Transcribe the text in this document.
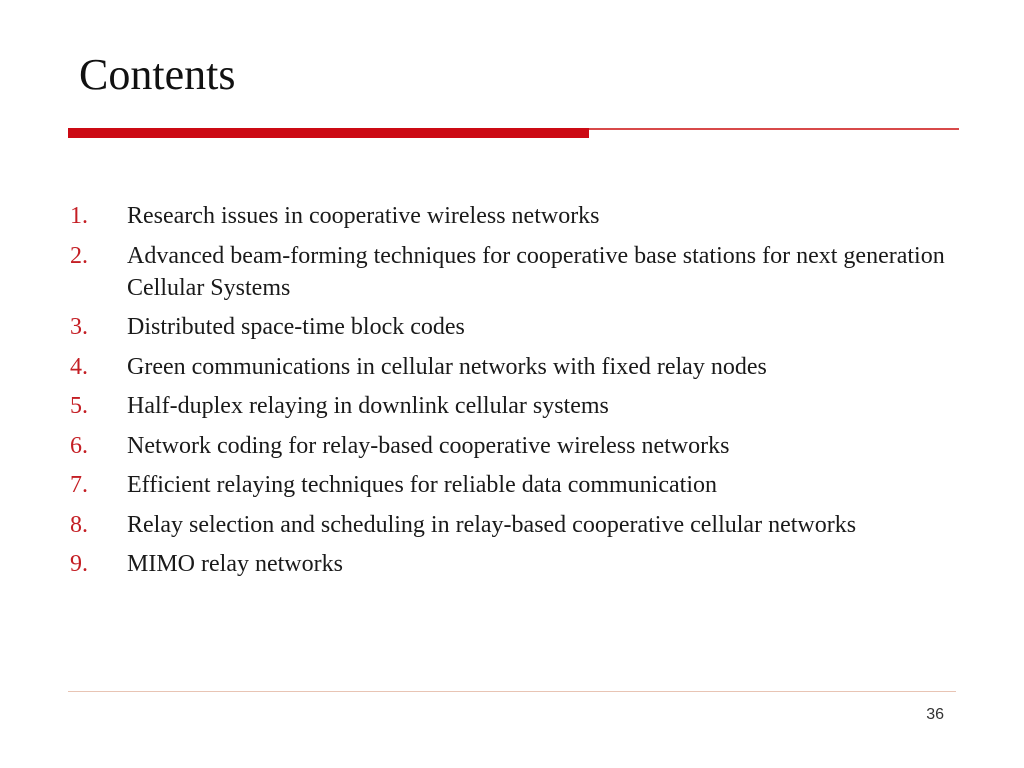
Contents
1.	Research issues in cooperative wireless networks
2.	Advanced beam-forming techniques for cooperative base stations for next generation Cellular Systems
3.	Distributed space-time block codes
4.	Green communications in cellular networks with fixed relay nodes
5.	Half-duplex relaying in downlink cellular systems
6.	Network coding for relay-based cooperative wireless networks
7.	Efficient relaying techniques for reliable data communication
8.	Relay selection and scheduling in relay-based cooperative cellular networks
9.	MIMO relay networks
36
